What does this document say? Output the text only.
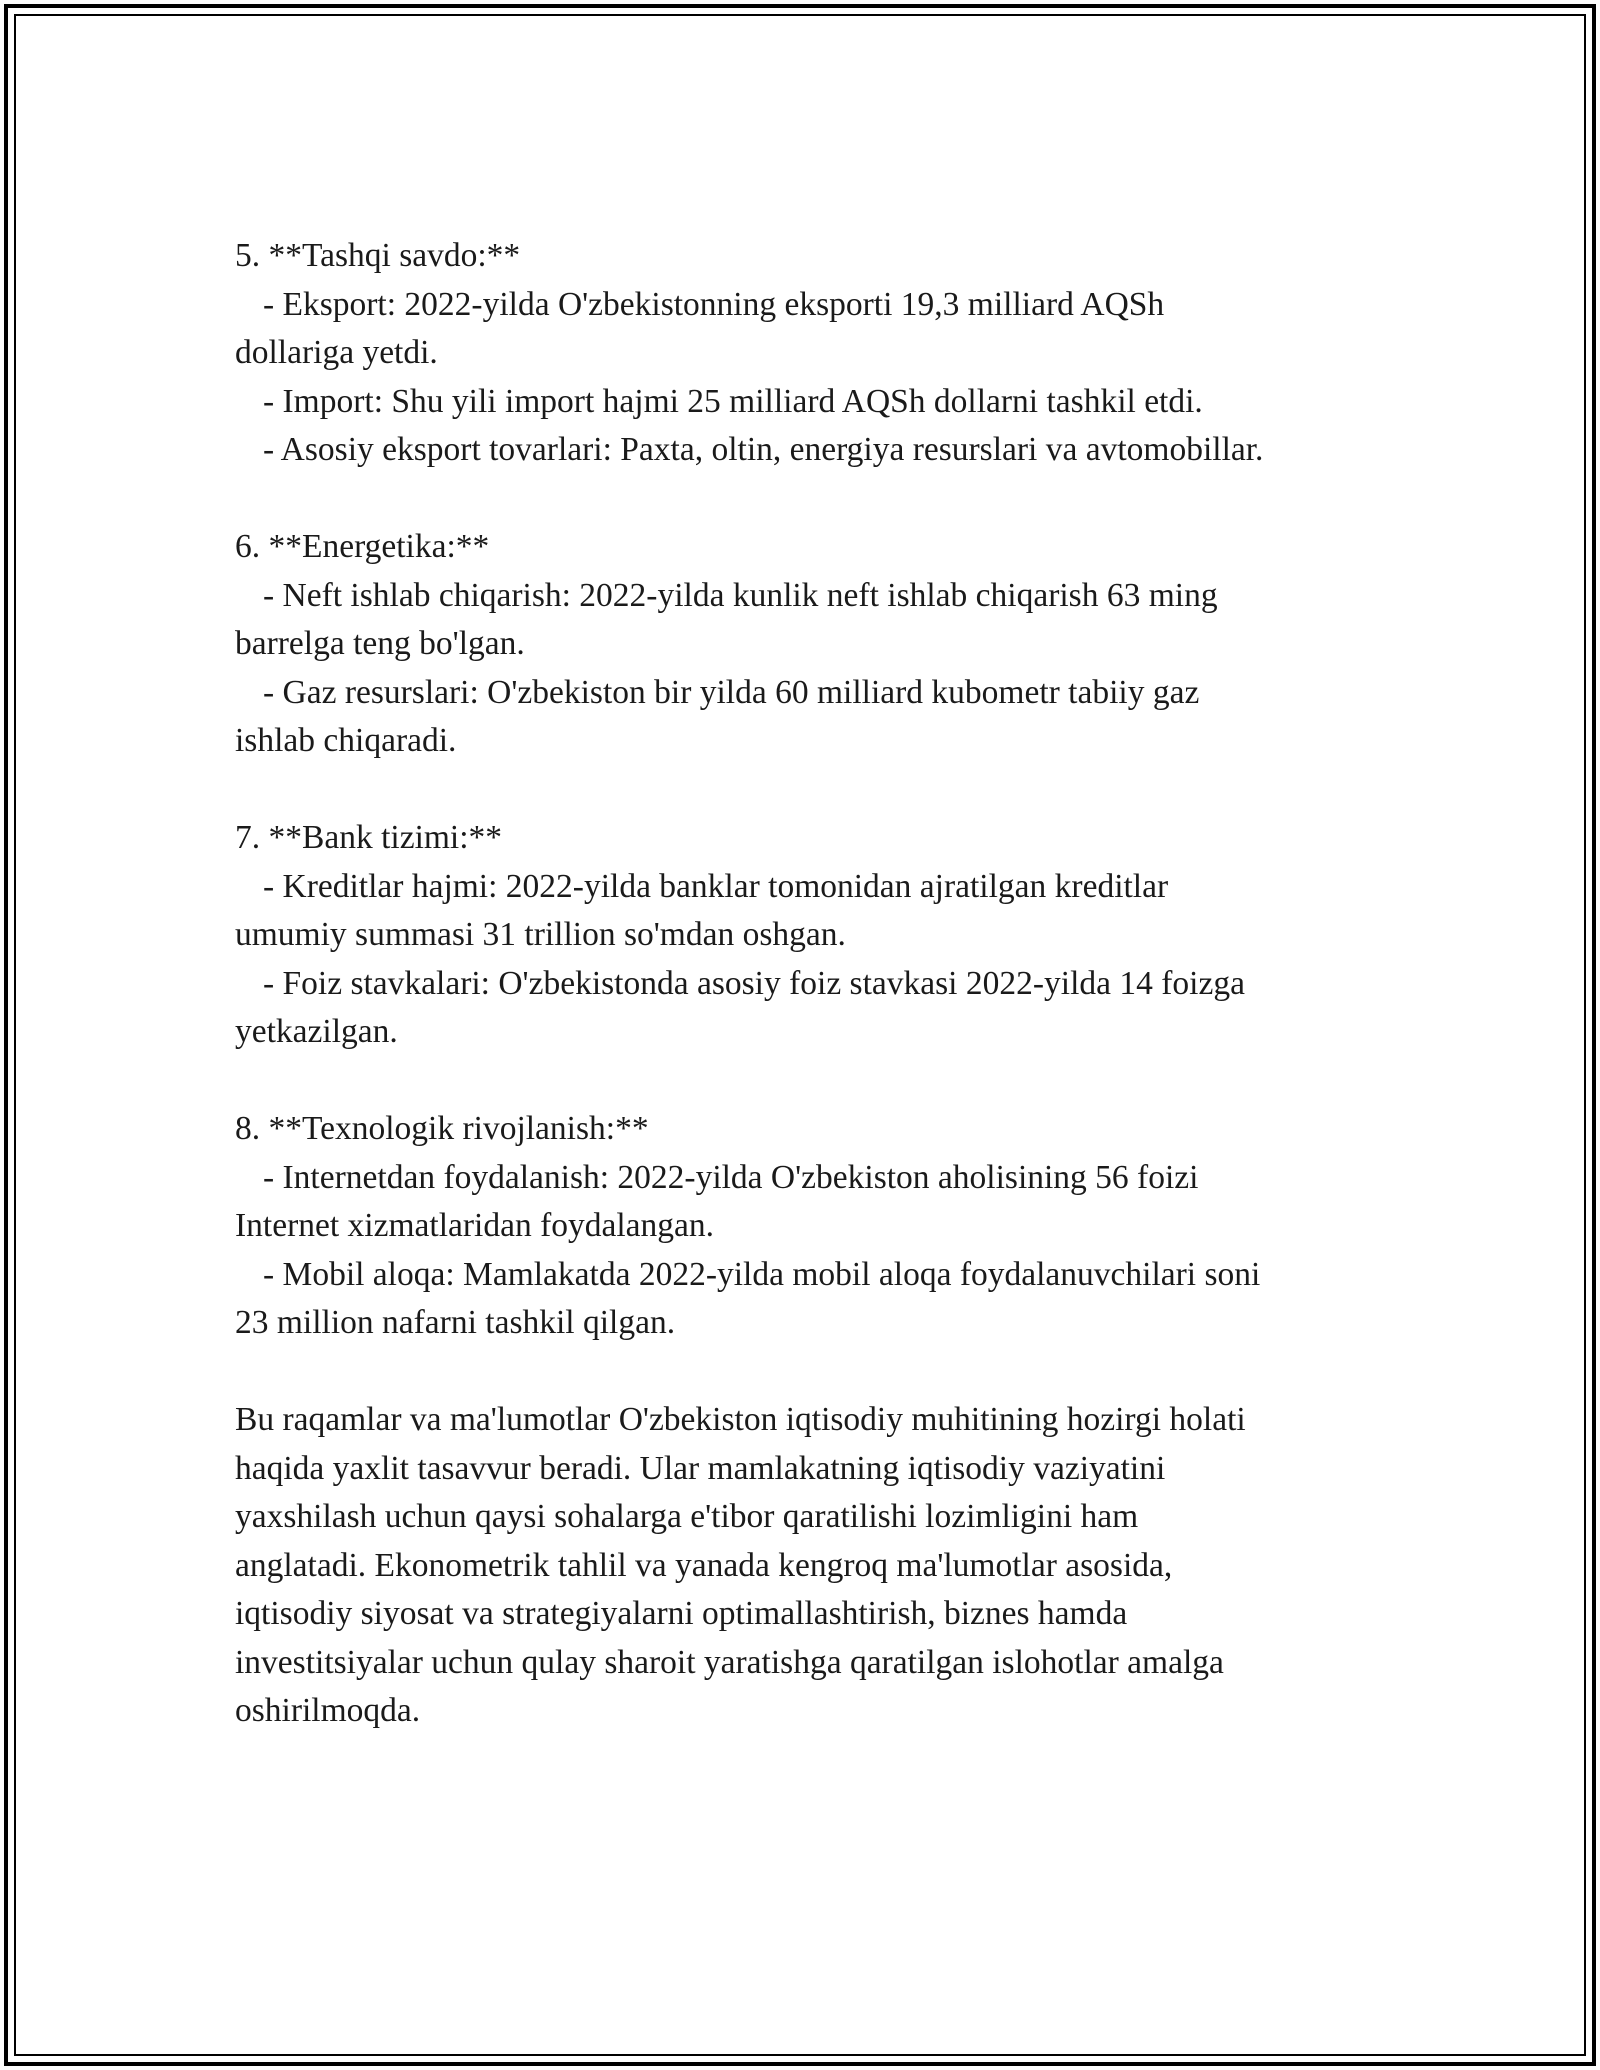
5. **Tashqi savdo:**

- Eksport: 2022-yilda O'zbekistonning eksporti 19,3 milliard AQSh

dollariga yetdi.

- Import: Shu yili import hajmi 25 milliard AQSh dollarni tashkil etdi.

- Asosiy eksport tovarlari: Paxta, oltin, energiya resurslari va avtomobillar.

6. **Energetika:**

- Neft ishlab chiqarish: 2022-yilda kunlik neft ishlab chiqarish 63 ming

barrelga teng bo'lgan.

- Gaz resurslari: O'zbekiston bir yilda 60 milliard kubometr tabiiy gaz

ishlab chiqaradi.

7. **Bank tizimi:**

- Kreditlar hajmi: 2022-yilda banklar tomonidan ajratilgan kreditlar

umumiy summasi 31 trillion so'mdan oshgan.

- Foiz stavkalari: O'zbekistonda asosiy foiz stavkasi 2022-yilda 14 foizga

yetkazilgan.

8. **Texnologik rivojlanish:**

- Internetdan foydalanish: 2022-yilda O'zbekiston aholisining 56 foizi

Internet xizmatlaridan foydalangan.

- Mobil aloqa: Mamlakatda 2022-yilda mobil aloqa foydalanuvchilari soni

23 million nafarni tashkil qilgan.

Bu raqamlar va ma'lumotlar O'zbekiston iqtisodiy muhitining hozirgi holati

haqida yaxlit tasavvur beradi. Ular mamlakatning iqtisodiy vaziyatini

yaxshilash uchun qaysi sohalarga e'tibor qaratilishi lozimligini ham

anglatadi. Ekonometrik tahlil va yanada kengroq ma'lumotlar asosida,

iqtisodiy siyosat va strategiyalarni optimallashtirish, biznes hamda

investitsiyalar uchun qulay sharoit yaratishga qaratilgan islohotlar amalga

oshirilmoqda.
